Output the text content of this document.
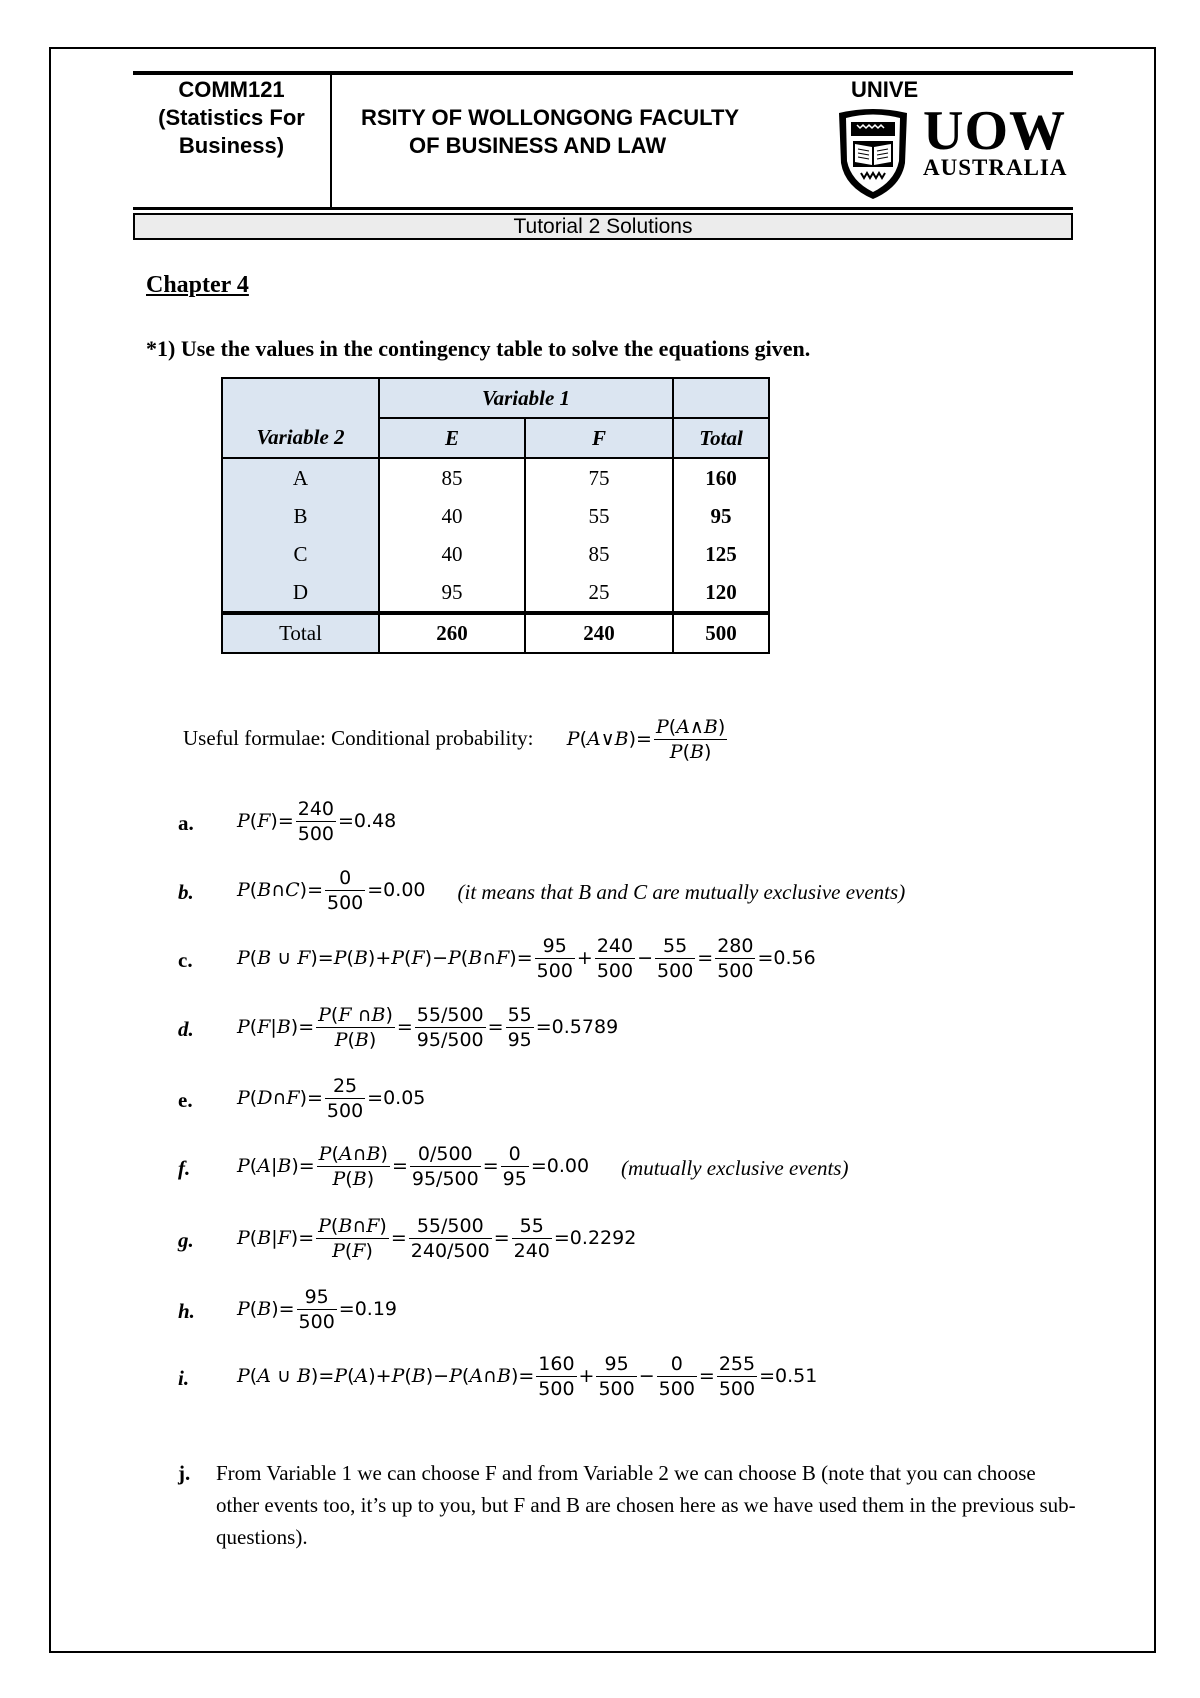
COMM121
(Statistics For
Business)
UNIVE
RSITY OF WOLLONGONG FACULTY
OF BUSINESS AND LAW	UOW
AUSTRALIA
Tutorial 2 Solutions
Chapter 4
*1) Use the values in the contingency table to solve the equations given.
	Variable 1		
Variable 2	E	F	Total
A	85	75	160
B	40	55	95
C	40	85	125
D	95	25	120
Total	260	240	500
Useful formulae: Conditional probability: P(A∨B)= $\frac{P(A\wedge B)}{P(B)}$
a. $P(F)= \frac{240}{500} =0.48$
b. P(B∩C)= $\frac{0}{500} =0.00$ (it means that B and C are mutually exclusive events)
c. P(B ∪ F)=P(B)+P(F)−P(B∩F)= $\frac{95}{500} + \frac{240}{500} - \frac{55}{500} = \frac{280}{500} =0.56$
d. $P(F|B)= \frac{P(F \cap B)}{P(B)} = \frac{55/500}{95/500} = \frac{55}{95} =0.5789$
e. P(D∩F)= $\frac{25}{500} =0.05$
f. $P(A|B)= \frac{P(A\cap B)}{P(B)} = \frac{0/500}{95/500} = \frac{0}{95} =0.00$ (mutually exclusive events)
g. $P(B|F)= \frac{P(B\cap F)}{P(F)} = \frac{55/500}{240/500} = \frac{55}{240} =0.2292$
h. $P(B)= \frac{95}{500} =0.19$
i.	P(A ∪ B)=P(A)+P(B)−P(A∩B)= $\frac{160}{500} + \frac{95}{500} - \frac{0}{500} = \frac{255}{500} =0.51$
j. From Variable 1 we can choose F and from Variable 2 we can choose B (note that you can choose other events too, it’s up to you, but F and B are chosen here as we have used them in the previous sub-questions).
